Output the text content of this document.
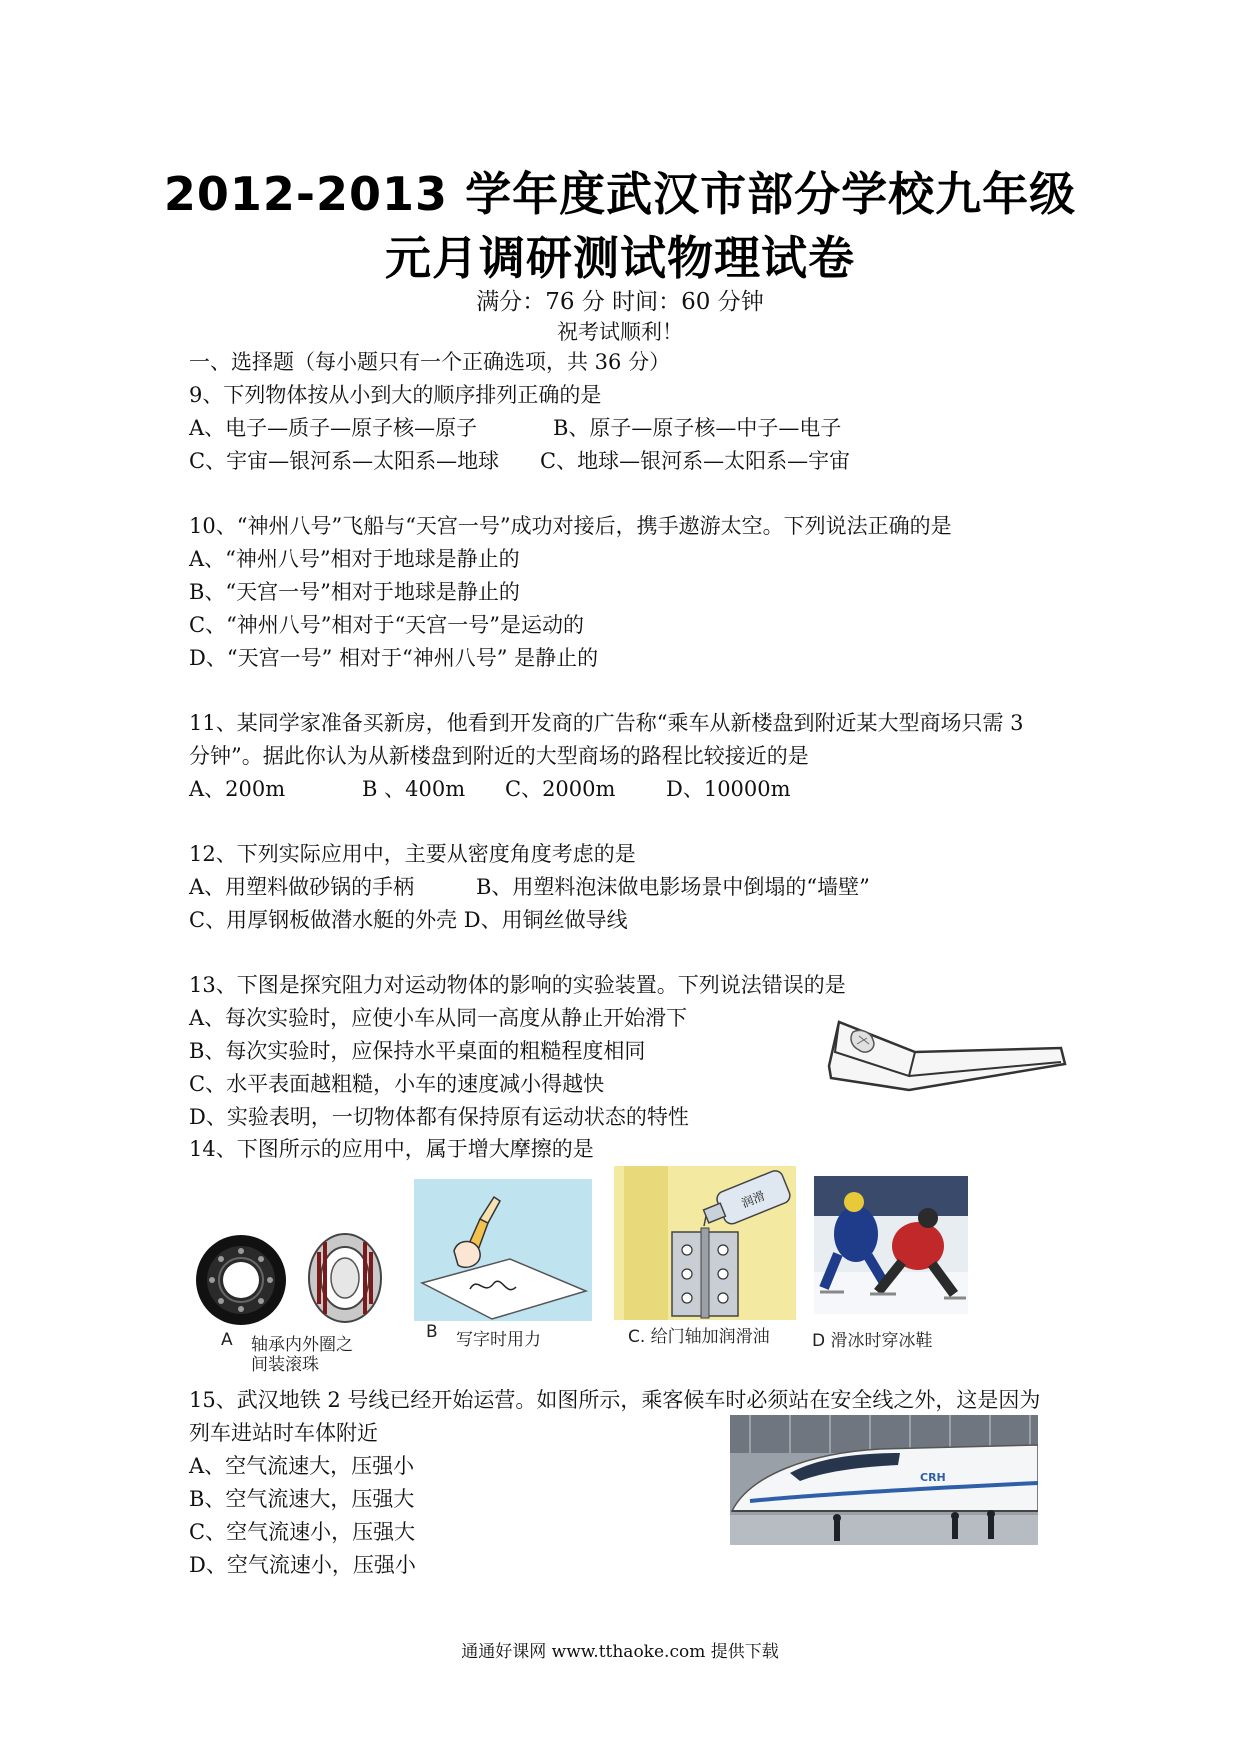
2012-2013 学年度武汉市部分学校九年级
元月调研测试物理试卷
满分：76 分 时间：60 分钟
祝考试顺利！
一、选择题（每小题只有一个正确选项，共 36 分）
9、下列物体按从小到大的顺序排列正确的是
A、电子—质子—原子核—原子	B、原子—原子核—中子—电子
C、宇宙—银河系—太阳系—地球 C、地球—银河系—太阳系—宇宙
10、“神州八号”飞船与“天宫一号”成功对接后，携手遨游太空。下列说法正确的是
A、“神州八号”相对于地球是静止的
B、“天宫一号”相对于地球是静止的
C、“神州八号”相对于“天宫一号”是运动的
D、“天宫一号” 相对于“神州八号” 是静止的
11、某同学家准备买新房，他看到开发商的广告称“乘车从新楼盘到附近某大型商场只需 3
分钟”。据此你认为从新楼盘到附近的大型商场的路程比较接近的是
A、200m	B 、400m C、2000m D、10000m
12、下列实际应用中，主要从密度角度考虑的是
A、用塑料做砂锅的手柄	B、用塑料泡沫做电影场景中倒塌的“墙壁”
C、用厚钢板做潜水艇的外壳 D、用铜丝做导线
13、下图是探究阻力对运动物体的影响的实验装置。下列说法错误的是
A、每次实验时，应使小车从同一高度从静止开始滑下
B、每次实验时，应保持水平桌面的粗糙程度相同
C、水平表面越粗糙，小车的速度减小得越快
D、实验表明，一切物体都有保持原有运动状态的特性
14、下图所示的应用中，属于增大摩擦的是
A 轴承内外圈之
间装滚珠
B 写字时用力
润滑
C. 给门轴加润滑油 D 滑冰时穿冰鞋
15、武汉地铁 2 号线已经开始运营。如图所示，乘客候车时必须站在安全线之外，这是因为
列车进站时车体附近
A、空气流速大，压强小
B、空气流速大，压强大
C、空气流速小，压强大
D、空气流速小，压强小
CRH
通通好课网 www.tthaoke.com 提供下载
